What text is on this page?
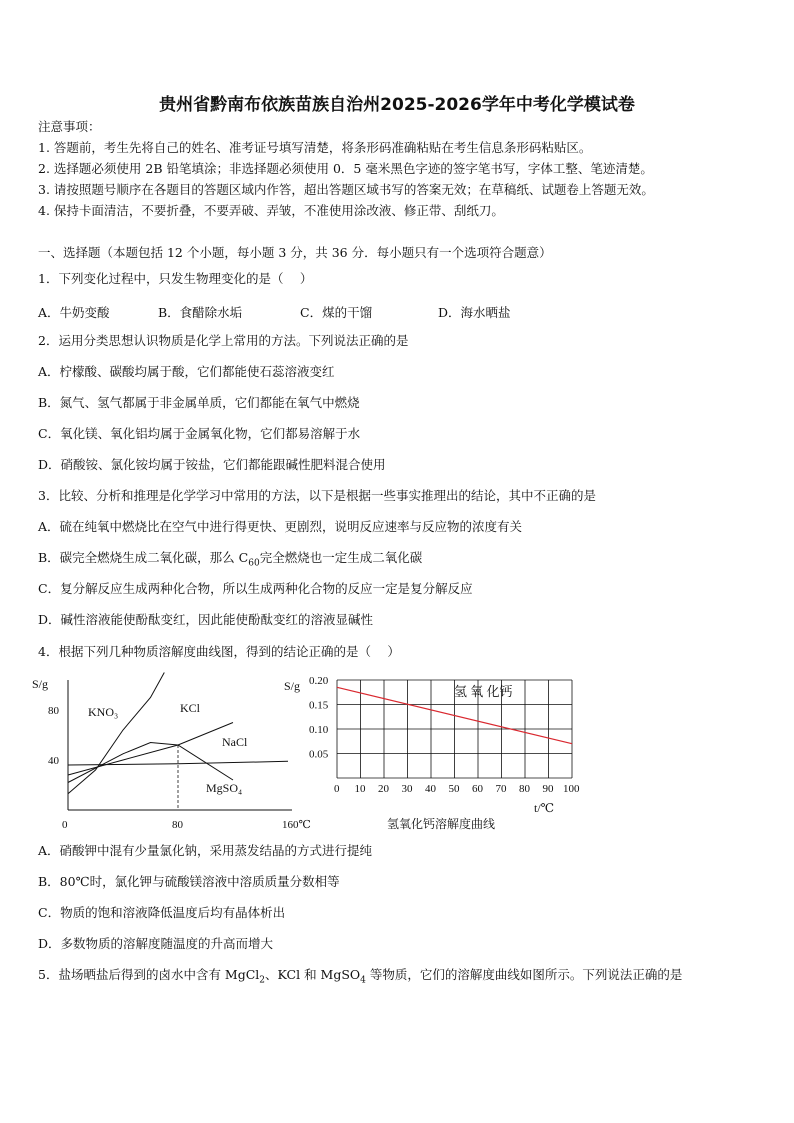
贵州省黔南布依族苗族自治州2025-2026学年中考化学模试卷
注意事项：
1. 答题前，考生先将自己的姓名、准考证号填写清楚，将条形码准确粘贴在考生信息条形码粘贴区。
2. 选择题必须使用 2B 铅笔填涂；非选择题必须使用 0．5 毫米黑色字迹的签字笔书写，字体工整、笔迹清楚。
3. 请按照题号顺序在各题目的答题区域内作答，超出答题区域书写的答案无效；在草稿纸、试题卷上答题无效。
4. 保持卡面清洁，不要折叠，不要弄破、弄皱，不准使用涂改液、修正带、刮纸刀。
一、选择题（本题包括 12 个小题，每小题 3 分，共 36 分．每小题只有一个选项符合题意）
1．下列变化过程中，只发生物理变化的是（　 ）
A．牛奶变酸	B．食醋除水垢	C．煤的干馏	D．海水晒盐
2．运用分类思想认识物质是化学上常用的方法。下列说法正确的是
A．柠檬酸、碳酸均属于酸，它们都能使石蕊溶液变红
B．氮气、氢气都属于非金属单质，它们都能在氧气中燃烧
C．氧化镁、氧化铝均属于金属氧化物，它们都易溶解于水
D．硝酸铵、氯化铵均属于铵盐，它们都能跟碱性肥料混合使用
3．比较、分析和推理是化学学习中常用的方法，以下是根据一些事实推理出的结论，其中不正确的是
A．硫在纯氧中燃烧比在空气中进行得更快、更剧烈，说明反应速率与反应物的浓度有关
B．碳完全燃烧生成二氧化碳，那么 $C_{60}$完全燃烧也一定生成二氧化碳
C．复分解反应生成两种化合物，所以生成两种化合物的反应一定是复分解反应
D．碱性溶液能使酚酞变红，因此能使酚酞变红的溶液显碱性
4．根据下列几种物质溶解度曲线图，得到的结论正确的是（　 ）
S/g
40
80
0	80	160℃
KNO₃	KCl
NaCl
MgSO₄
0.05
0.10
0.15
0.20
S/g
0 10 20 30 40 50 60 70 80 90 100
t/℃
氢氧化钙溶解度曲线
氢 氧 化钙
A．硝酸钾中混有少量氯化钠，采用蒸发结晶的方式进行提纯
B．80℃时，氯化钾与硫酸镁溶液中溶质质量分数相等
C．物质的饱和溶液降低温度后均有晶体析出
D．多数物质的溶解度随温度的升高而增大
5．盐场晒盐后得到的卤水中含有 MgCl$_2$、KCl 和 MgSO$_4$ 等物质，它们的溶解度曲线如图所示。下列说法正确的是
